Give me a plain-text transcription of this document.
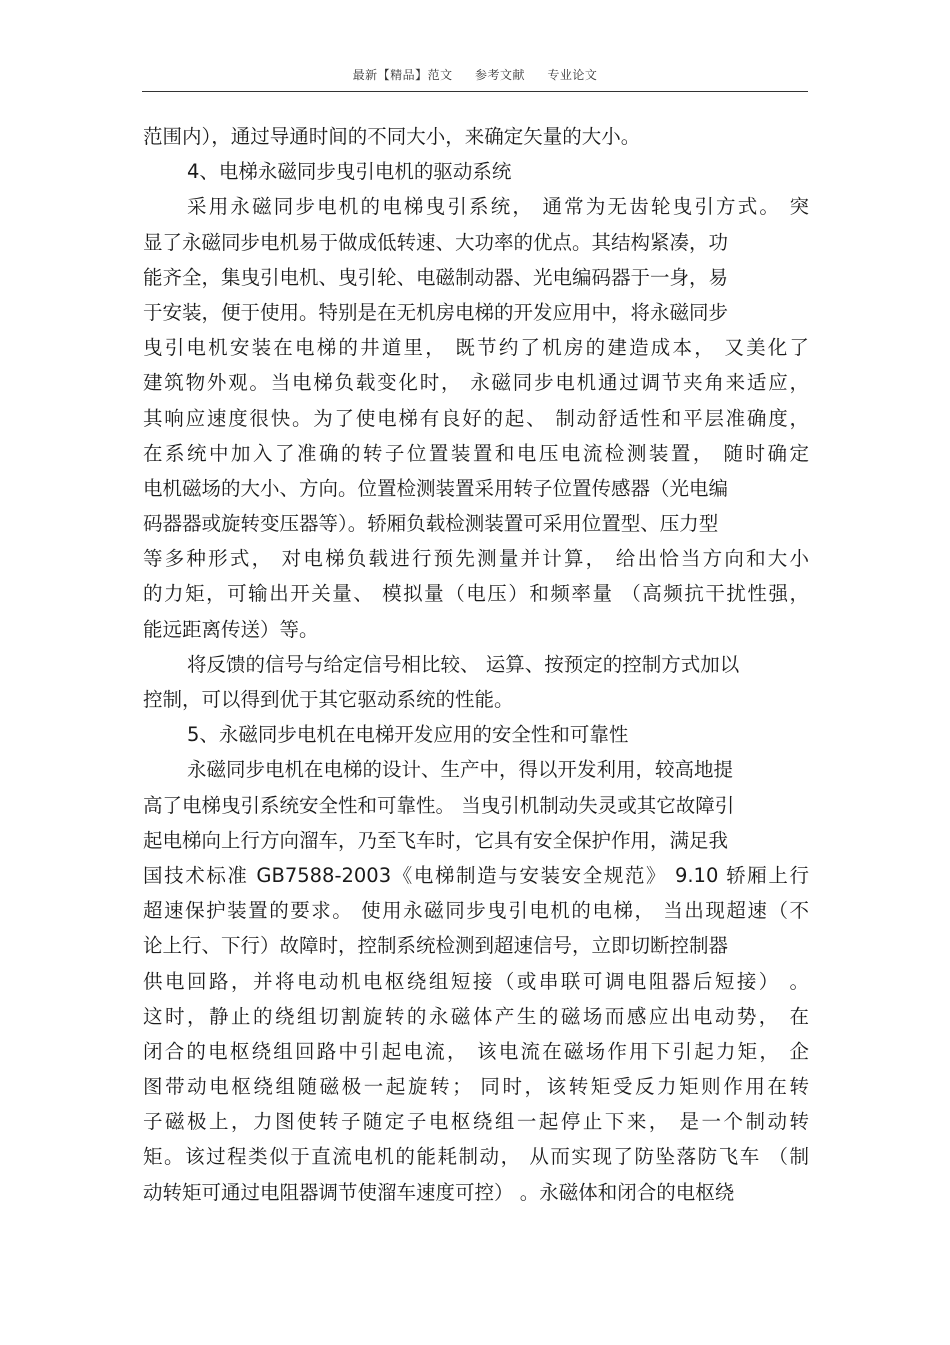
最新【精品】范文 参考文献 专业论文
范围内），通过导通时间的不同大小，来确定矢量的大小。
4、电梯永磁同步曳引电机的驱动系统
采用永磁同步电机的电梯曳引系统， 通常为无齿轮曳引方式。 突
显了永磁同步电机易于做成低转速、大功率的优点。其结构紧凑，功
能齐全，集曳引电机、曳引轮、电磁制动器、光电编码器于一身，易
于安装，便于使用。特别是在无机房电梯的开发应用中，将永磁同步
曳引电机安装在电梯的井道里， 既节约了机房的建造成本， 又美化了
建筑物外观。当电梯负载变化时， 永磁同步电机通过调节夹角来适应，
其响应速度很快。为了使电梯有良好的起、 制动舒适性和平层准确度，
在系统中加入了准确的转子位置装置和电压电流检测装置， 随时确定
电机磁场的大小、方向。位置检测装置采用转子位置传感器（光电编
码器器或旋转变压器等）。轿厢负载检测装置可采用位置型、压力型
等多种形式， 对电梯负载进行预先测量并计算， 给出恰当方向和大小
的力矩，可输出开关量、 模拟量（电压）和频率量 （高频抗干扰性强，
能远距离传送）等。
将反馈的信号与给定信号相比较、 运算、按预定的控制方式加以
控制，可以得到优于其它驱动系统的性能。
5、永磁同步电机在电梯开发应用的安全性和可靠性
永磁同步电机在电梯的设计、生产中，得以开发利用，较高地提
高了电梯曳引系统安全性和可靠性。 当曳引机制动失灵或其它故障引
起电梯向上行方向溜车，乃至飞车时，它具有安全保护作用，满足我
国技术标准 GB7588-2003《电梯制造与安装安全规范》 9.10 轿厢上行
超速保护装置的要求。 使用永磁同步曳引电机的电梯， 当出现超速（不
论上行、下行）故障时，控制系统检测到超速信号，立即切断控制器
供电回路，并将电动机电枢绕组短接（或串联可调电阻器后短接） 。
这时，静止的绕组切割旋转的永磁体产生的磁场而感应出电动势， 在
闭合的电枢绕组回路中引起电流， 该电流在磁场作用下引起力矩， 企
图带动电枢绕组随磁极一起旋转； 同时，该转矩受反力矩则作用在转
子磁极上，力图使转子随定子电枢绕组一起停止下来， 是一个制动转
矩。该过程类似于直流电机的能耗制动， 从而实现了防坠落防飞车 （制
动转矩可通过电阻器调节使溜车速度可控） 。永磁体和闭合的电枢绕
